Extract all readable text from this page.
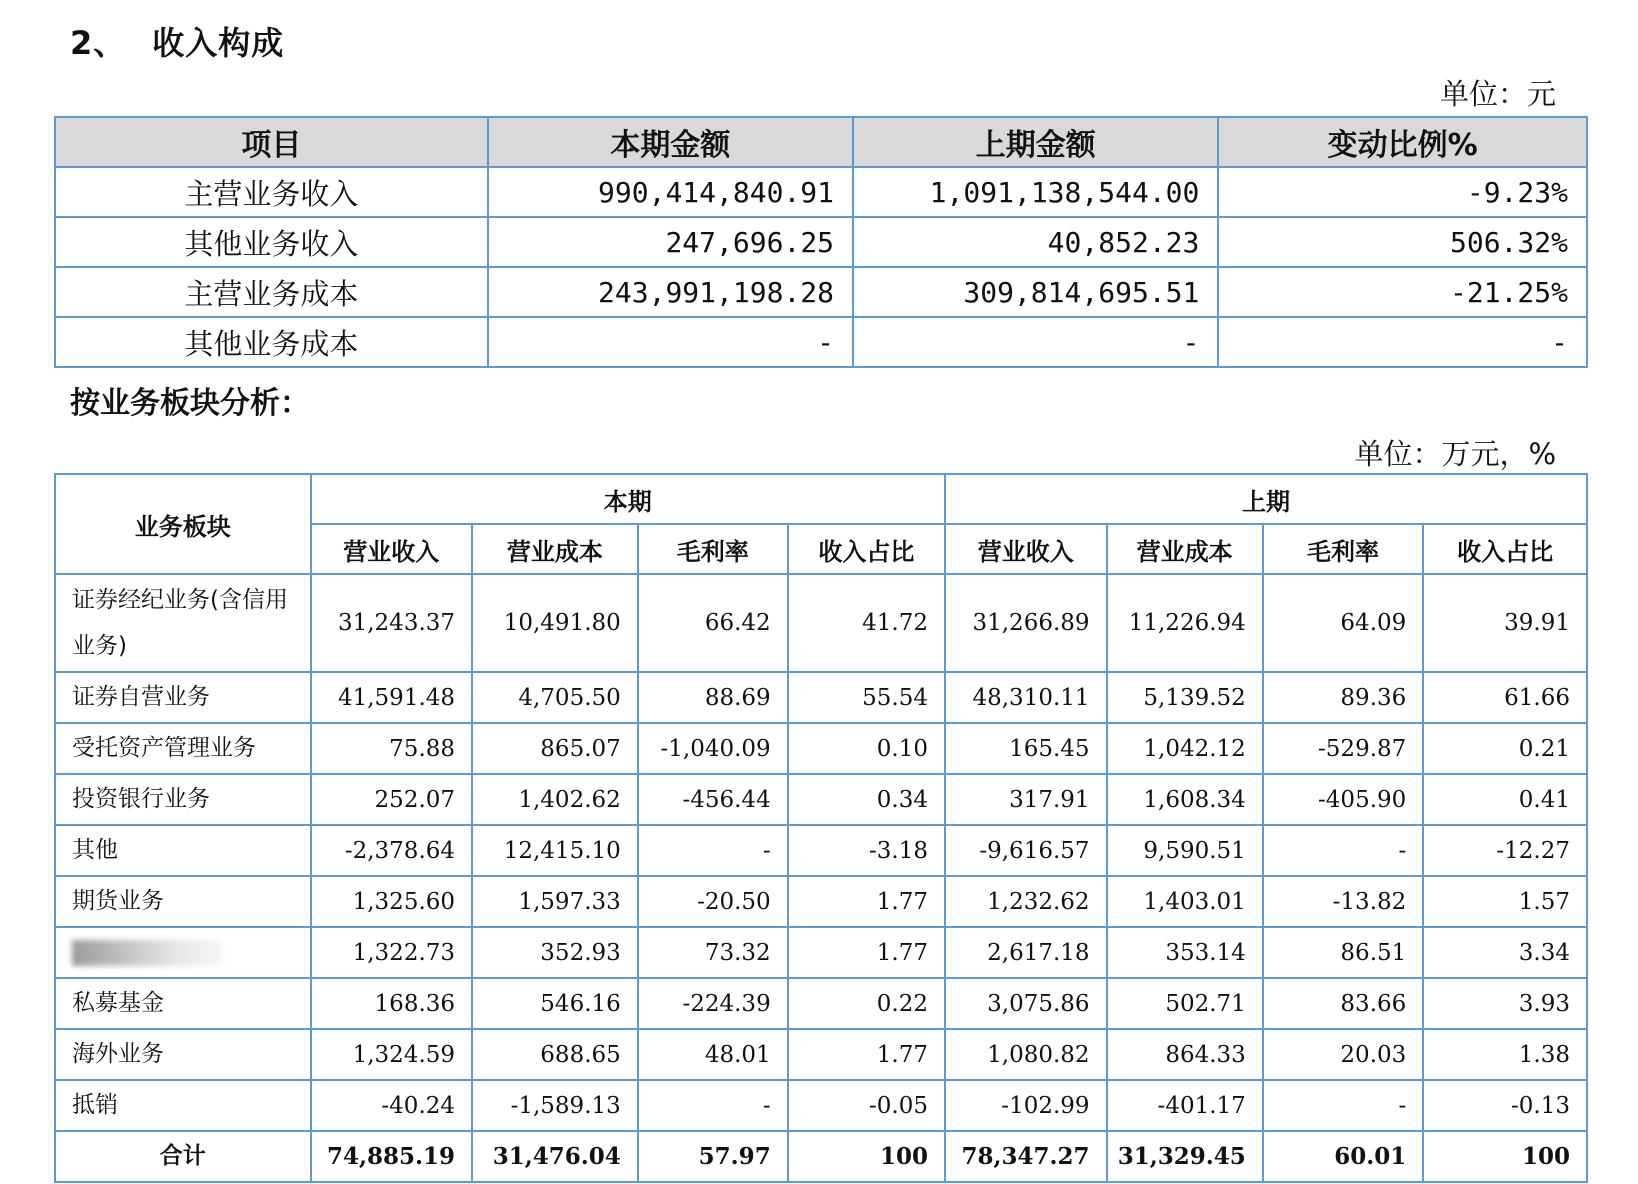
2、 收入构成
单位：元
项目	本期金额	上期金额	变动比例%
主营业务收入	990,414,840.91	1,091,138,544.00	-9.23%
其他业务收入	247,696.25	40,852.23	506.32%
主营业务成本	243,991,198.28	309,814,695.51	-21.25%
其他业务成本	-	-	-
按业务板块分析：
单位：万元，%
业务板块	本期				上期			
	营业收入	营业成本	毛利率	收入占比	营业收入	营业成本	毛利率	收入占比
证券经纪业务(含信用业务)	31,243.37	10,491.80	66.42	41.72	31,266.89	11,226.94	64.09	39.91
证券自营业务	41,591.48	4,705.50	88.69	55.54	48,310.11	5,139.52	89.36	61.66
受托资产管理业务	75.88	865.07	-1,040.09	0.10	165.45	1,042.12	-529.87	0.21
投资银行业务	252.07	1,402.62	-456.44	0.34	317.91	1,608.34	-405.90	0.41
其他	-2,378.64	12,415.10	-	-3.18	-9,616.57	9,590.51	-	-12.27
期货业务	1,325.60	1,597.33	-20.50	1.77	1,232.62	1,403.01	-13.82	1.57
	1,322.73	352.93	73.32	1.77	2,617.18	353.14	86.51	3.34
私募基金	168.36	546.16	-224.39	0.22	3,075.86	502.71	83.66	3.93
海外业务	1,324.59	688.65	48.01	1.77	1,080.82	864.33	20.03	1.38
抵销	-40.24	-1,589.13	-	-0.05	-102.99	-401.17	-	-0.13
合计	74,885.19	31,476.04	57.97	100	78,347.27	31,329.45	60.01	100
